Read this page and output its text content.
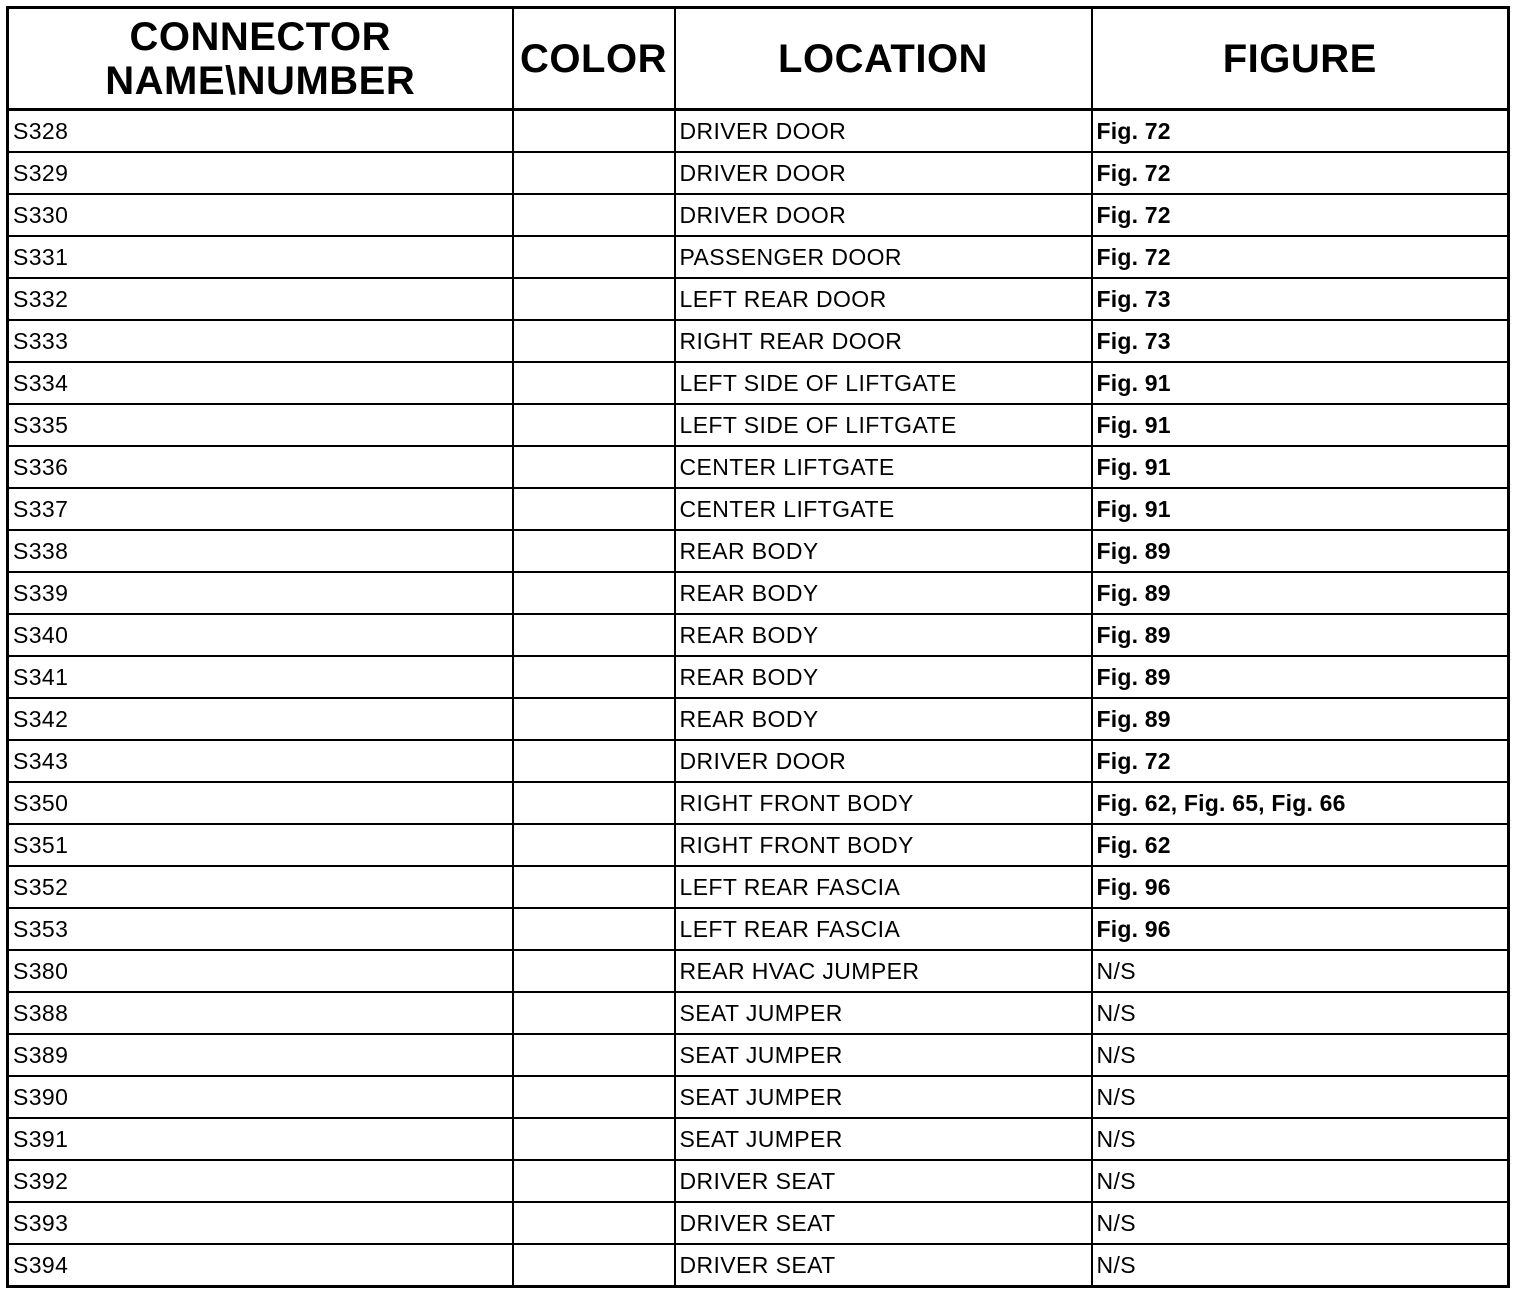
CONNECTOR
NAME\NUMBER	COLOR	LOCATION	FIGURE
S328		DRIVER DOOR	Fig. 72
S329		DRIVER DOOR	Fig. 72
S330		DRIVER DOOR	Fig. 72
S331		PASSENGER DOOR	Fig. 72
S332		LEFT REAR DOOR	Fig. 73
S333		RIGHT REAR DOOR	Fig. 73
S334		LEFT SIDE OF LIFTGATE	Fig. 91
S335		LEFT SIDE OF LIFTGATE	Fig. 91
S336		CENTER LIFTGATE	Fig. 91
S337		CENTER LIFTGATE	Fig. 91
S338		REAR BODY	Fig. 89
S339		REAR BODY	Fig. 89
S340		REAR BODY	Fig. 89
S341		REAR BODY	Fig. 89
S342		REAR BODY	Fig. 89
S343		DRIVER DOOR	Fig. 72
S350		RIGHT FRONT BODY	Fig. 62, Fig. 65, Fig. 66
S351		RIGHT FRONT BODY	Fig. 62
S352		LEFT REAR FASCIA	Fig. 96
S353		LEFT REAR FASCIA	Fig. 96
S380		REAR HVAC JUMPER	N/S
S388		SEAT JUMPER	N/S
S389		SEAT JUMPER	N/S
S390		SEAT JUMPER	N/S
S391		SEAT JUMPER	N/S
S392		DRIVER SEAT	N/S
S393		DRIVER SEAT	N/S
S394		DRIVER SEAT	N/S
